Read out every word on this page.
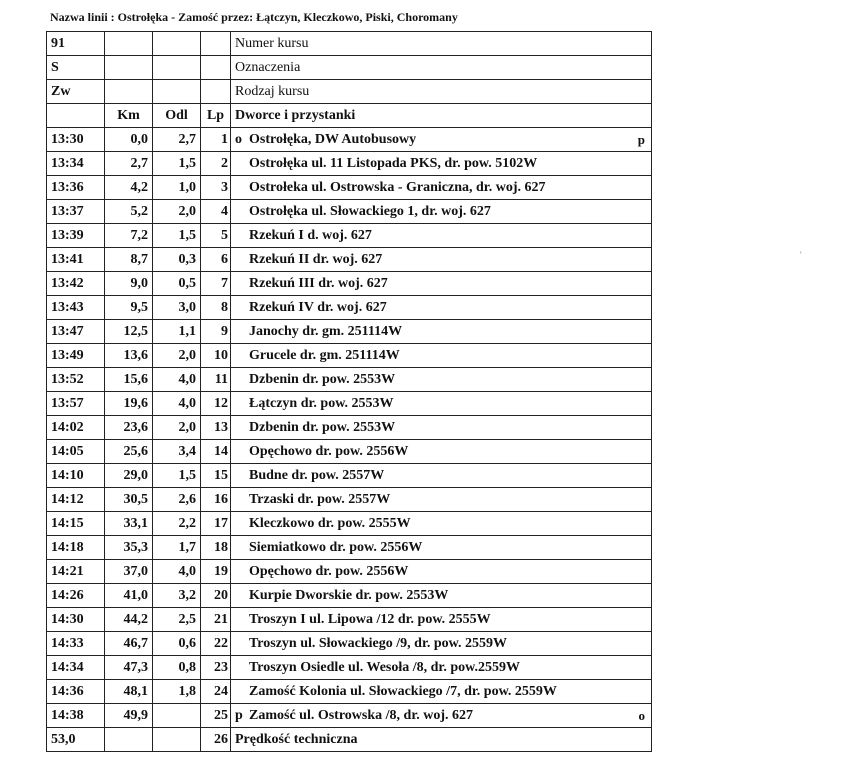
Nazwa linii : Ostrołęka - Zamość przez: Łątczyn, Kleczkowo, Piski, Choromany
91				Numer kursu
S				Oznaczenia
Zw				Rodzaj kursu
	Km	Odl	Lp	Dworce i przystanki
13:30	0,0	2,7	1	o Ostrołęka, DW Autobusowy p

13:34	2,7	1,5	2	Ostrołęka ul. 11 Listopada PKS, dr. pow. 5102W

13:36	4,2	1,0	3	Ostrołeka ul. Ostrowska - Graniczna, dr. woj. 627

13:37	5,2	2,0	4	Ostrołęka ul. Słowackiego 1, dr. woj. 627

13:39	7,2	1,5	5	Rzekuń I d. woj. 627

13:41	8,7	0,3	6	Rzekuń II dr. woj. 627

13:42	9,0	0,5	7	Rzekuń III dr. woj. 627

13:43	9,5	3,0	8	Rzekuń IV dr. woj. 627

13:47	12,5	1,1	9	Janochy dr. gm. 251114W

13:49	13,6	2,0	10	Grucele dr. gm. 251114W

13:52	15,6	4,0	11	Dzbenin dr. pow. 2553W

13:57	19,6	4,0	12	Łątczyn dr. pow. 2553W

14:02	23,6	2,0	13	Dzbenin dr. pow. 2553W

14:05	25,6	3,4	14	Opęchowo dr. pow. 2556W

14:10	29,0	1,5	15	Budne dr. pow. 2557W

14:12	30,5	2,6	16	Trzaski dr. pow. 2557W

14:15	33,1	2,2	17	Kleczkowo dr. pow. 2555W

14:18	35,3	1,7	18	Siemiatkowo dr. pow. 2556W

14:21	37,0	4,0	19	Opęchowo dr. pow. 2556W

14:26	41,0	3,2	20	Kurpie Dworskie dr. pow. 2553W

14:30	44,2	2,5	21	Troszyn I ul. Lipowa /12 dr. pow. 2555W

14:33	46,7	0,6	22	Troszyn ul. Słowackiego /9, dr. pow. 2559W

14:34	47,3	0,8	23	Troszyn Osiedle ul. Wesoła /8, dr. pow.2559W

14:36	48,1	1,8	24	Zamość Kolonia ul. Słowackiego /7, dr. pow. 2559W

14:38	49,9		25	p Zamość ul. Ostrowska /8, dr. woj. 627 o

53,0			26	Prędkość techniczna
'
